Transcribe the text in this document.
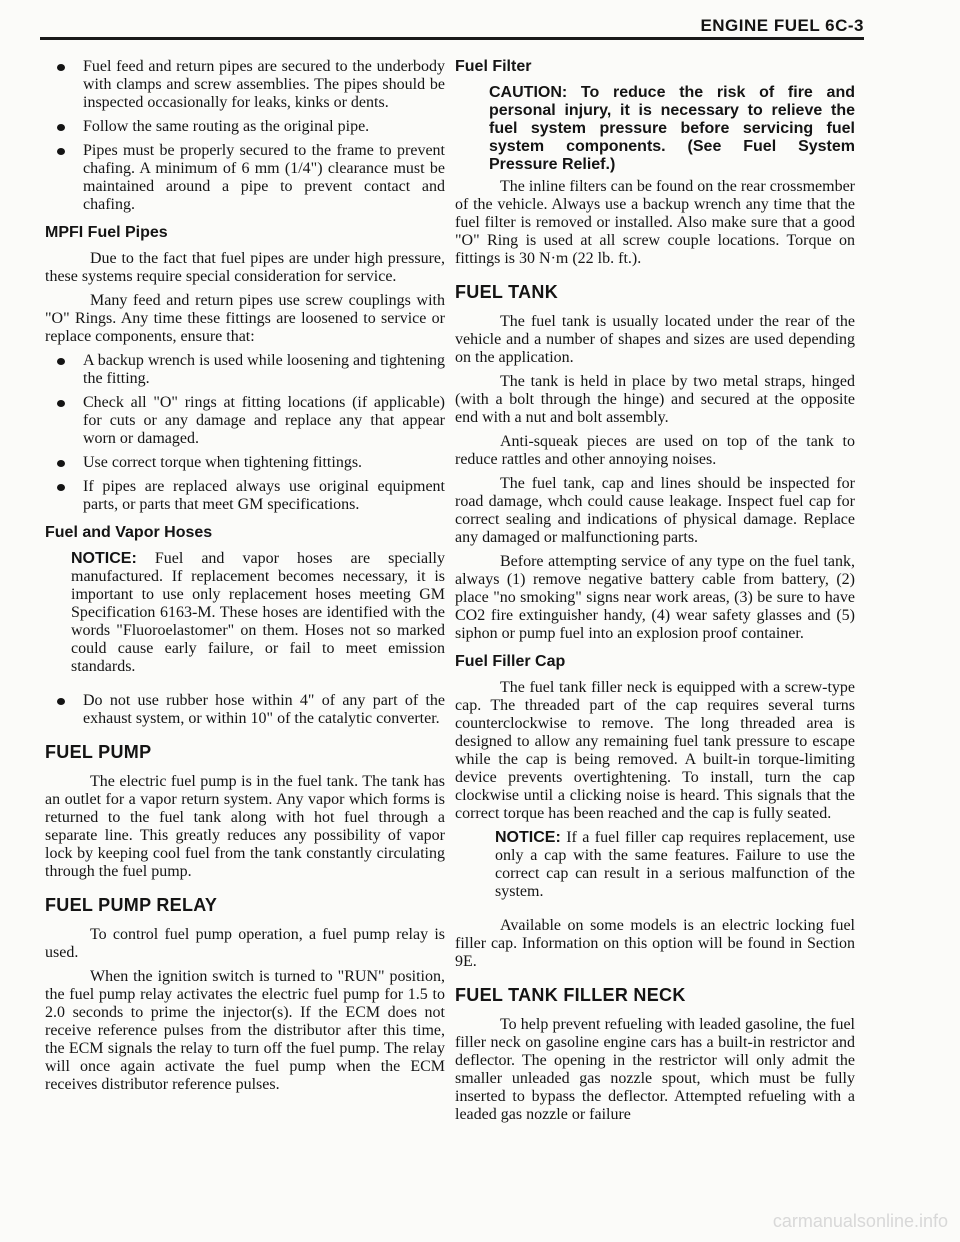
ENGINE FUEL 6C-3
Fuel feed and return pipes are secured to the underbody with clamps and screw assemblies. The pipes should be inspected occasionally for leaks, kinks or dents.
Follow the same routing as the original pipe.
Pipes must be properly secured to the frame to prevent chafing. A minimum of 6 mm (1/4") clearance must be maintained around a pipe to prevent contact and chafing.
MPFI Fuel Pipes

Due to the fact that fuel pipes are under high pressure, these systems require special consideration for service.

Many feed and return pipes use screw couplings with "O" Rings. Any time these fittings are loosened to service or replace components, ensure that:

A backup wrench is used while loosening and tightening the fitting.
Check all "O" rings at fitting locations (if applicable) for cuts or any damage and replace any that appear worn or damaged.
Use correct torque when tightening fittings.
If pipes are replaced always use original equipment parts, or parts that meet GM specifications.
Fuel and Vapor Hoses
NOTICE: Fuel and vapor hoses are specially manufactured. If replacement becomes necessary, it is important to use only replacement hoses meeting GM Specification 6163-M. These hoses are identified with the words "Fluoroelastomer" on them. Hoses not so marked could cause early failure, or fail to meet emission standards.
Do not use rubber hose within 4" of any part of the exhaust system, or within 10" of the catalytic converter.
FUEL PUMP

The electric fuel pump is in the fuel tank. The tank has an outlet for a vapor return system. Any vapor which forms is returned to the fuel tank along with hot fuel through a separate line. This greatly reduces any possibility of vapor lock by keeping cool fuel from the tank constantly circulating through the fuel pump.

FUEL PUMP RELAY

To control fuel pump operation, a fuel pump relay is used.

When the ignition switch is turned to "RUN" position, the fuel pump relay activates the electric fuel pump for 1.5 to 2.0 seconds to prime the injector(s). If the ECM does not receive reference pulses from the distributor after this time, the ECM signals the relay to turn off the fuel pump. The relay will once again activate the fuel pump when the ECM receives distributor reference pulses.

Fuel Filter
CAUTION: To reduce the risk of fire and personal injury, it is necessary to relieve the fuel system pressure before servicing fuel system components. (See Fuel System Pressure Relief.)

The inline filters can be found on the rear crossmember of the vehicle. Always use a backup wrench any time that the fuel filter is removed or installed. Also make sure that a good "O" Ring is used at all screw couple locations. Torque on fittings is 30 N·m (22 lb. ft.).

FUEL TANK

The fuel tank is usually located under the rear of the vehicle and a number of shapes and sizes are used depending on the application.

The tank is held in place by two metal straps, hinged (with a bolt through the hinge) and secured at the opposite end with a nut and bolt assembly.

Anti-squeak pieces are used on top of the tank to reduce rattles and other annoying noises.

The fuel tank, cap and lines should be inspected for road damage, whch could cause leakage. Inspect fuel cap for correct sealing and indications of physical damage. Replace any damaged or malfunctioning parts.

Before attempting service of any type on the fuel tank, always (1) remove negative battery cable from battery, (2) place "no smoking" signs near work areas, (3) be sure to have CO2 fire extinguisher handy, (4) wear safety glasses and (5) siphon or pump fuel into an explosion proof container.

Fuel Filler Cap

The fuel tank filler neck is equipped with a screw-type cap. The threaded part of the cap requires several turns counterclockwise to remove. The long threaded area is designed to allow any remaining fuel tank pressure to escape while the cap is being removed. A built-in torque-limiting device prevents overtightening. To install, turn the cap clockwise until a clicking noise is heard. This signals that the correct torque has been reached and the cap is fully seated.

NOTICE: If a fuel filler cap requires replacement, use only a cap with the same features. Failure to use the correct cap can result in a serious malfunction of the system.

Available on some models is an electric locking fuel filler cap. Information on this option will be found in Section 9E.

FUEL TANK FILLER NECK

To help prevent refueling with leaded gasoline, the fuel filler neck on gasoline engine cars has a built-in restrictor and deflector. The opening in the restrictor will only admit the smaller unleaded gas nozzle spout, which must be fully inserted to bypass the deflector. Attempted refueling with a leaded gas nozzle or failure

carmanualsonline.info
